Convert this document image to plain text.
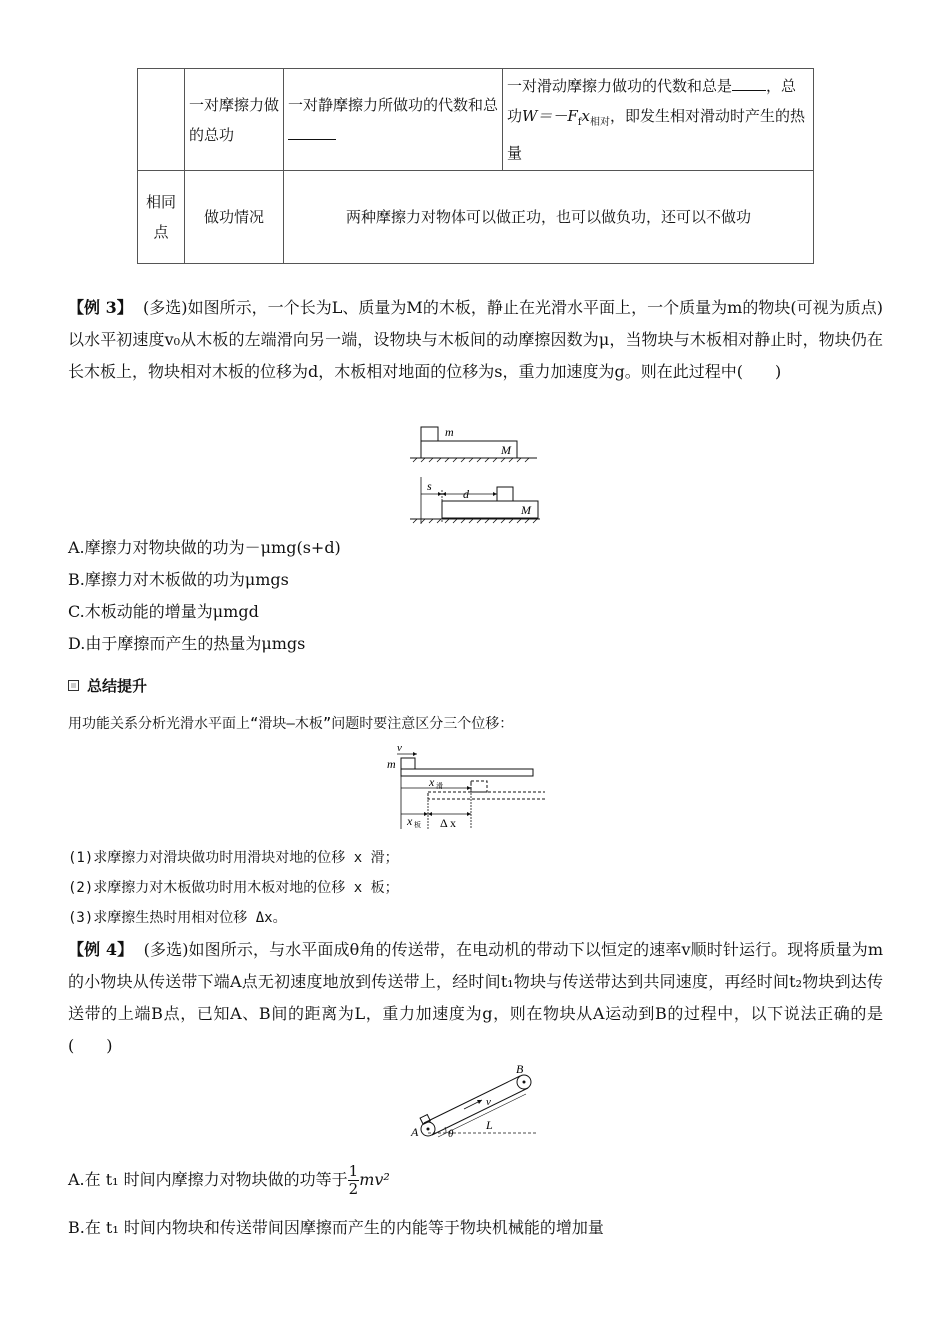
	一对摩擦力做的总功	一对静摩擦力所做功的代数和总	一对滑动摩擦力做功的代数和总是 ，总功$W=-F_fx_{相对}$，即发生相对滑动时产生的热量
相同点	做功情况	两种摩擦力对物体可以做正功，也可以做负功，还可以不做功	
【例 3】 (多选)如图所示，一个长为L、质量为M的木板，静止在光滑水平面上，一个质量为m的物块(可视为质点)以水平初速度v₀从木板的左端滑向另一端，设物块与木板间的动摩擦因数为μ，当物块与木板相对静止时，物块仍在长木板上，物块相对木板的位移为d，木板相对地面的位移为s，重力加速度为g。则在此过程中(　　)
m
M
s
d
M
A.摩擦力对物块做的功为－μmg(s+d)
B.摩擦力对木板做的功为μmgs
C.木板动能的增量为μmgd
D.由于摩擦而产生的热量为μmgs
总结提升
用功能关系分析光滑水平面上“滑块—木板”问题时要注意区分三个位移：
v
m
x 滑
x 板 Δ x
(1)求摩擦力对滑块做功时用滑块对地的位移 x 滑；
(2)求摩擦力对木板做功时用木板对地的位移 x 板；
(3)求摩擦生热时用相对位移 Δx。
【例 4】 (多选)如图所示，与水平面成θ角的传送带，在电动机的带动下以恒定的速率v顺时针运行。现将质量为m的小物块从传送带下端A点无初速度地放到传送带上，经时间t₁物块与传送带达到共同速度，再经时间t₂物块到达传送带的上端B点，已知A、B间的距离为L，重力加速度为g，则在物块从A运动到B的过程中，以下说法正确的是(　　)
v
L
A
B
θ
A.在 t₁ 时间内摩擦力对物块做的功等于 $\frac{1}{2} mv^2$
B.在 t₁ 时间内物块和传送带间因摩擦而产生的内能等于物块机械能的增加量
